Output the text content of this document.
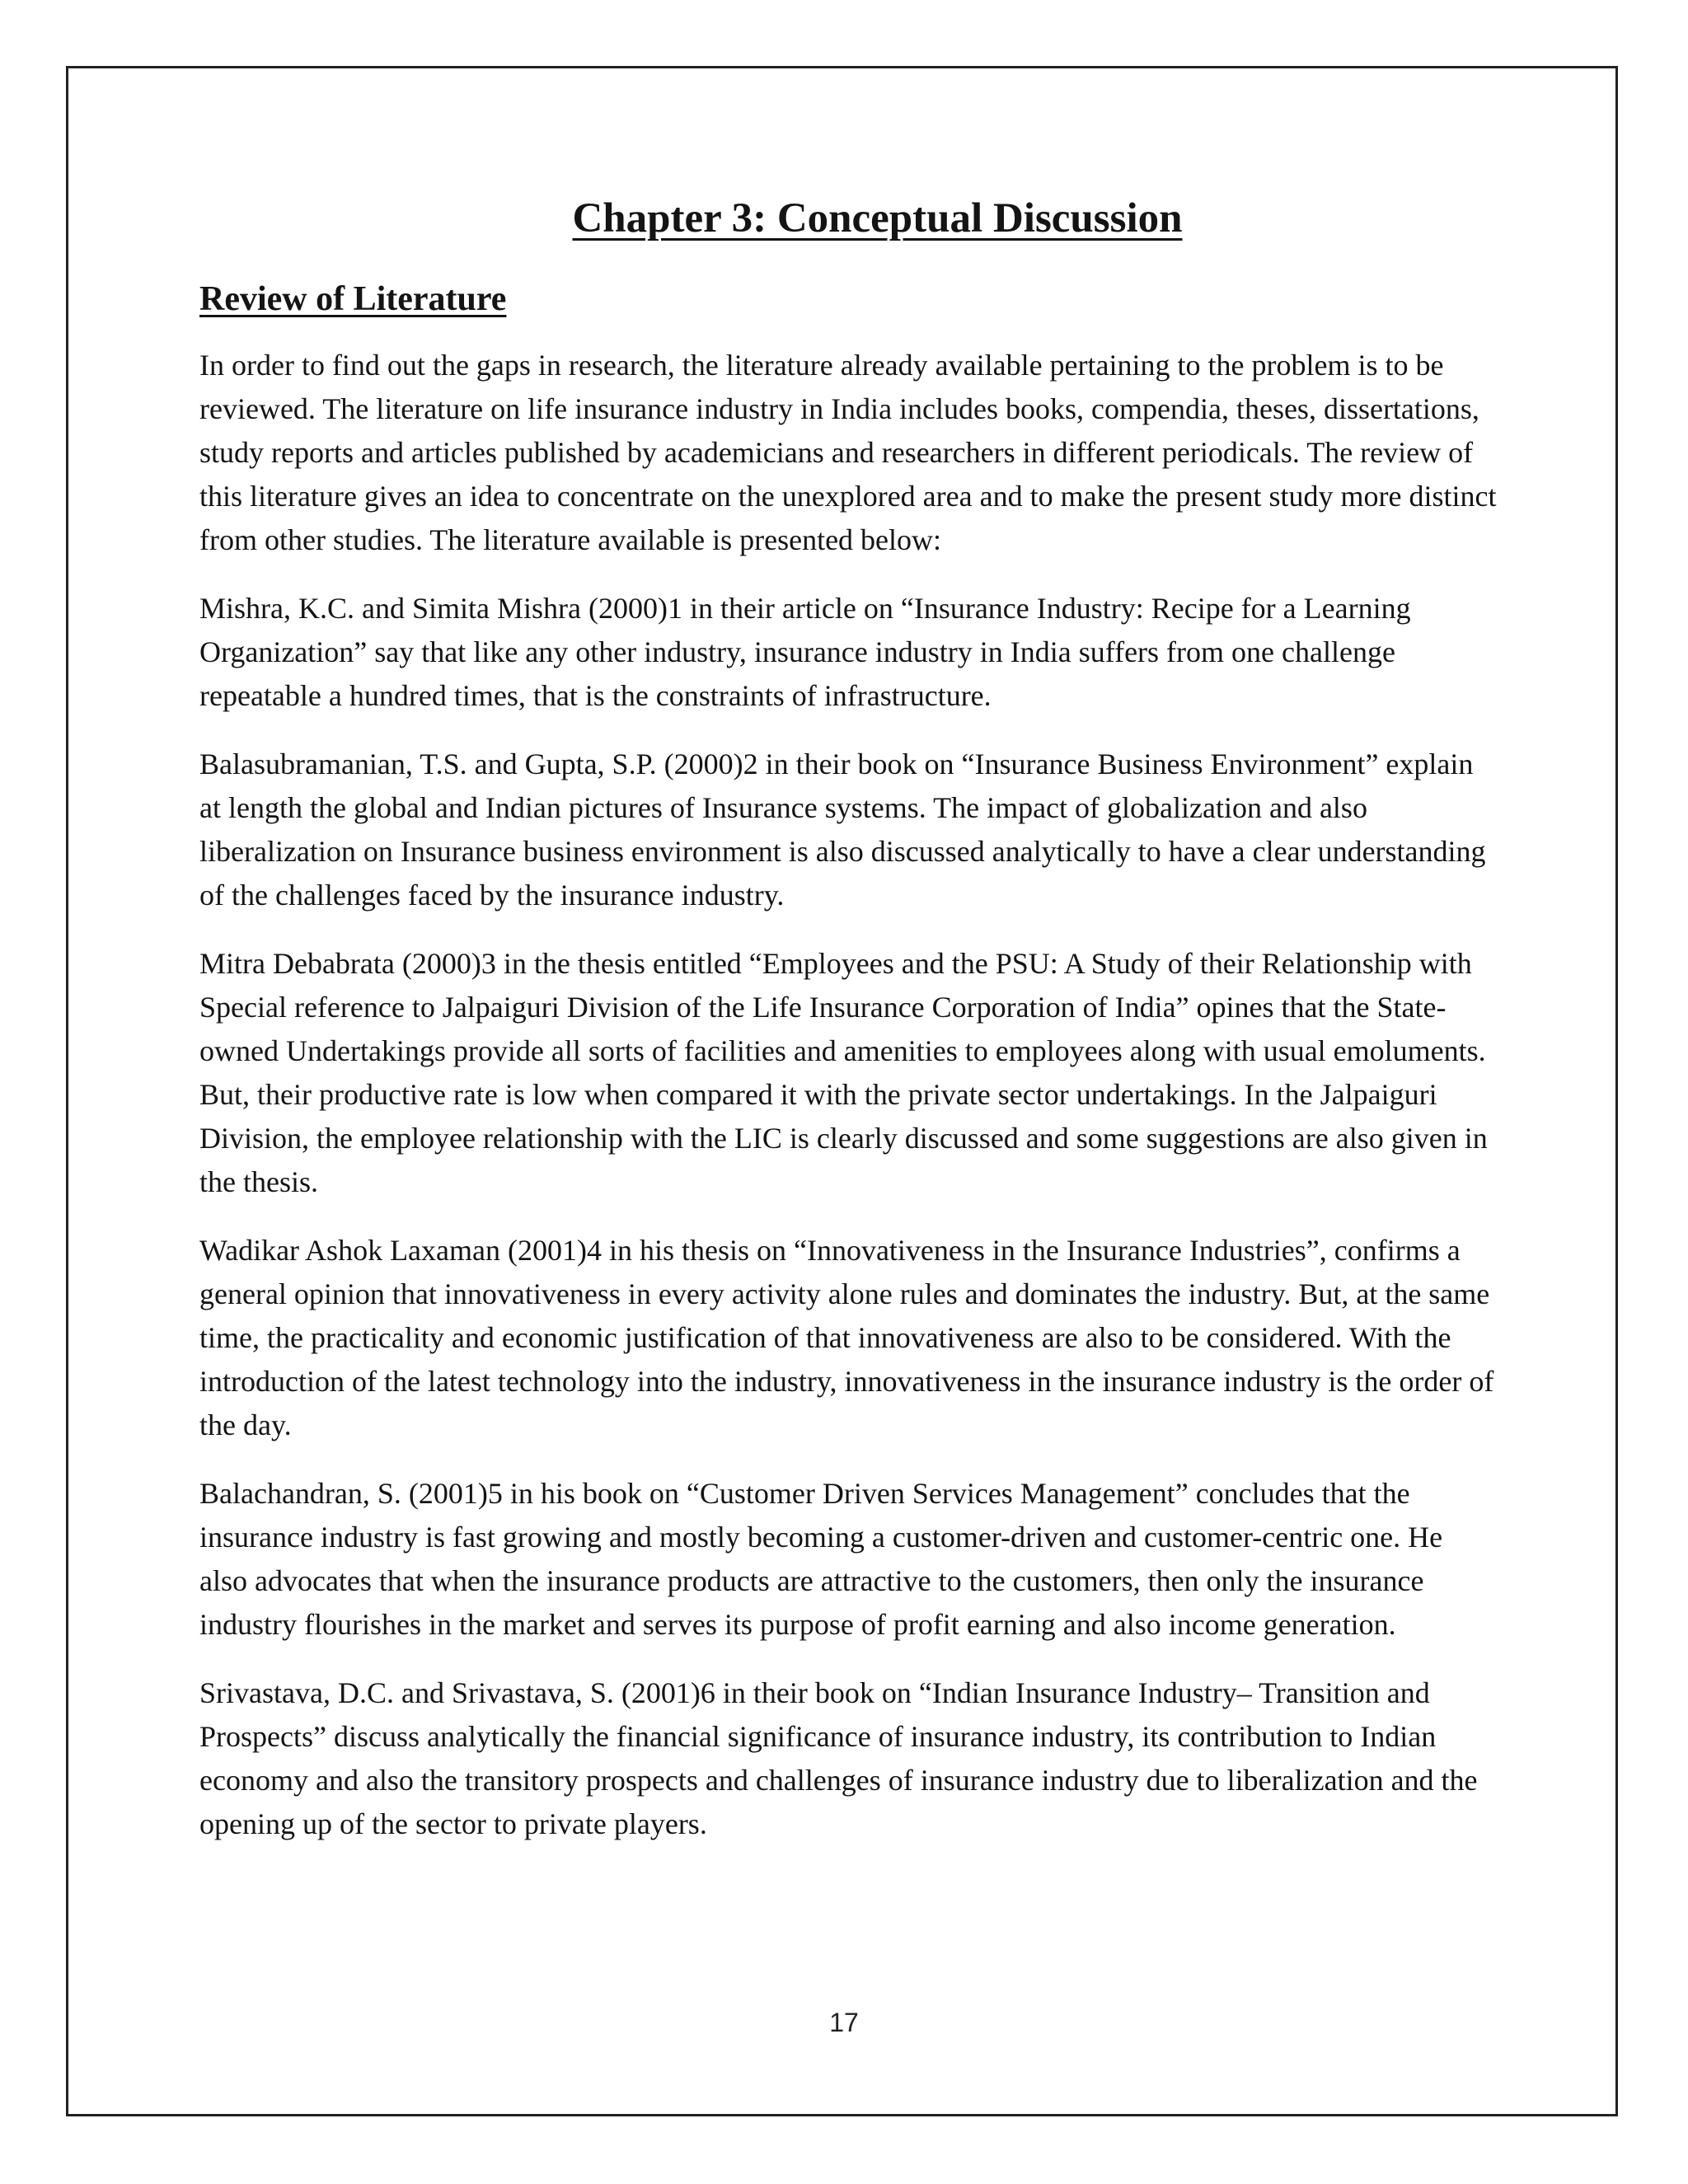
Chapter 3: Conceptual Discussion
Review of Literature

In order to find out the gaps in research, the literature already available pertaining to the problem is to be reviewed. The literature on life insurance industry in India includes books, compendia, theses, dissertations, study reports and articles published by academicians and researchers in different periodicals. The review of this literature gives an idea to concentrate on the unexplored area and to make the present study more distinct from other studies. The literature available is presented below:

Mishra, K.C. and Simita Mishra (2000)1 in their article on “Insurance Industry: Recipe for a Learning Organization” say that like any other industry, insurance industry in India suffers from one challenge repeatable a hundred times, that is the constraints of infrastructure.

Balasubramanian, T.S. and Gupta, S.P. (2000)2 in their book on “Insurance Business Environment” explain at length the global and Indian pictures of Insurance systems. The impact of globalization and also liberalization on Insurance business environment is also discussed analytically to have a clear understanding of the challenges faced by the insurance industry.

Mitra Debabrata (2000)3 in the thesis entitled “Employees and the PSU: A Study of their Relationship with Special reference to Jalpaiguri Division of the Life Insurance Corporation of India” opines that the State-owned Undertakings provide all sorts of facilities and amenities to employees along with usual emoluments. But, their productive rate is low when compared it with the private sector undertakings. In the Jalpaiguri Division, the employee relationship with the LIC is clearly discussed and some suggestions are also given in the thesis.

Wadikar Ashok Laxaman (2001)4 in his thesis on “Innovativeness in the Insurance Industries”, confirms a general opinion that innovativeness in every activity alone rules and dominates the industry. But, at the same time, the practicality and economic justification of that innovativeness are also to be considered. With the introduction of the latest technology into the industry, innovativeness in the insurance industry is the order of the day.

Balachandran, S. (2001)5 in his book on “Customer Driven Services Management” concludes that the insurance industry is fast growing and mostly becoming a customer-driven and customer-centric one. He also advocates that when the insurance products are attractive to the customers, then only the insurance industry flourishes in the market and serves its purpose of profit earning and also income generation.

Srivastava, D.C. and Srivastava, S. (2001)6 in their book on “Indian Insurance Industry– Transition and Prospects” discuss analytically the financial significance of insurance industry, its contribution to Indian economy and also the transitory prospects and challenges of insurance industry due to liberalization and the opening up of the sector to private players.

17
